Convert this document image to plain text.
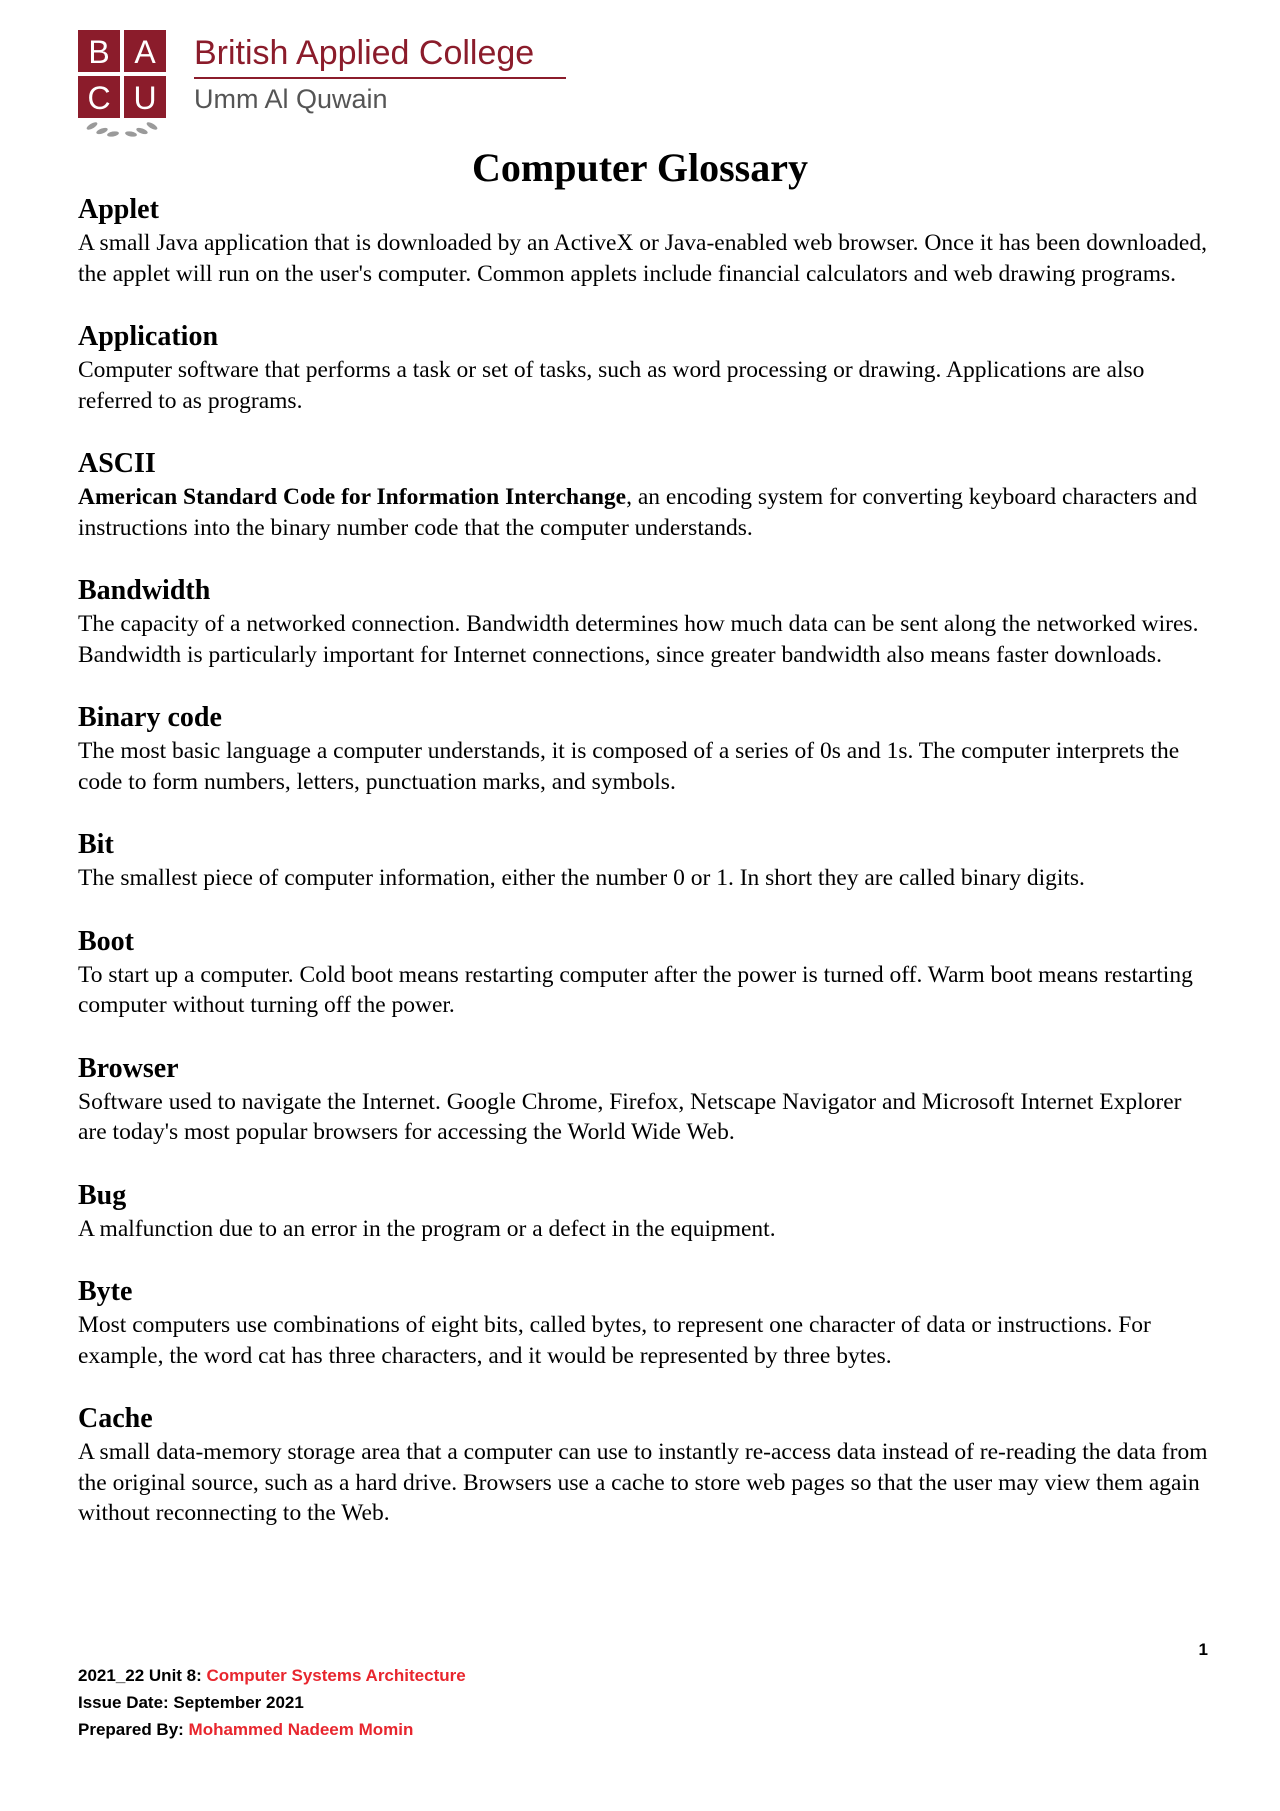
B A
C U
British Applied College
Umm Al Quwain
Computer Glossary

Applet

A small Java application that is downloaded by an ActiveX or Java-enabled web browser. Once it has been downloaded, the applet will run on the user's computer. Common applets include financial calculators and web drawing programs.

Application

Computer software that performs a task or set of tasks, such as word processing or drawing. Applications are also referred to as programs.

ASCII

American Standard Code for Information Interchange, an encoding system for converting keyboard characters and instructions into the binary number code that the computer understands.

Bandwidth

The capacity of a networked connection. Bandwidth determines how much data can be sent along the networked wires. Bandwidth is particularly important for Internet connections, since greater bandwidth also means faster downloads.

Binary code

The most basic language a computer understands, it is composed of a series of 0s and 1s. The computer interprets the code to form numbers, letters, punctuation marks, and symbols.

Bit

The smallest piece of computer information, either the number 0 or 1. In short they are called binary digits.

Boot

To start up a computer. Cold boot means restarting computer after the power is turned off. Warm boot means restarting computer without turning off the power.

Browser

Software used to navigate the Internet. Google Chrome, Firefox, Netscape Navigator and Microsoft Internet Explorer are today's most popular browsers for accessing the World Wide Web.

Bug

A malfunction due to an error in the program or a defect in the equipment.

Byte

Most computers use combinations of eight bits, called bytes, to represent one character of data or instructions. For example, the word cat has three characters, and it would be represented by three bytes.

Cache

A small data-memory storage area that a computer can use to instantly re-access data instead of re-reading the data from the original source, such as a hard drive. Browsers use a cache to store web pages so that the user may view them again without reconnecting to the Web.

1
2021_22 Unit 8: Computer Systems Architecture
Issue Date: September 2021
Prepared By: Mohammed Nadeem Momin
